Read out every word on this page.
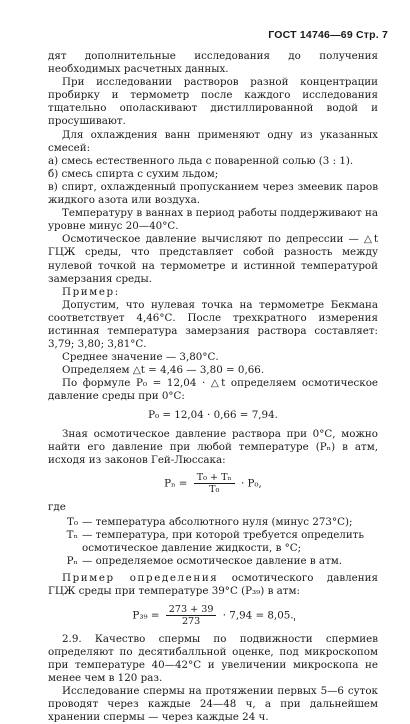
ГОСТ 14746—69 Стр. 7

дят дополнительные исследования до получения необходимых расчетных данных.

При исследовании растворов разной концентрации пробирку и термометр после каждого исследования тщательно ополаскивают дистиллированной водой и просушивают.

Для охлаждения ванн применяют одну из указанных смесей:

а) смесь естественного льда с поваренной солью (3 : 1).

б) смесь спирта с сухим льдом;

в) спирт, охлажденный пропусканием через змеевик паров жидкого азота или воздуха.

Температуру в ваннах в период работы поддерживают на уровне минус 20—40°С.

Осмотическое давление вычисляют по депрессии — △t ГЦЖ среды, что представляет собой разность между нулевой точкой на термометре и истинной температурой замерзания среды.

Пример:

Допустим, что нулевая точка на термометре Бекмана соответствует 4,46°С. После трехкратного измерения истинная температура замерзания раствора составляет: 3,79; 3,80; 3,81°С.

Среднее значение — 3,80°С.

Определяем △t = 4,46 — 3,80 = 0,66.

По формуле P₀ = 12,04 · △t определяем осмотическое давление среды при 0°С:

P₀ = 12,04 · 0,66 = 7,94.

Зная осмотическое давление раствора при 0°С, можно найти его давление при любой температуре (Pₙ) в атм, исходя из законов Гей-Люссака:

$P_n = \frac{\text{T₀ + Tₙ}}{\text{T₀}} \cdot P_0$,

где

T₀ — температура абсолютного нуля (минус 273°С);
Tₙ — температура, при которой требуется определить осмотическое давление жидкости, в °С;
Pₙ — определяемое осмотическое давление в атм.

Пример определения осмотического давления ГЦЖ среды при температуре 39°С (P₃₉) в атм:

$P_{39} = \frac{273 + 39}{273} \cdot 7,94 = 8,05$.

2.9. Качество спермы по подвижности спермиев определяют по десятибалльной оценке, под микроскопом при температуре 40—42°С и увеличении микроскопа не менее чем в 120 раз.

Исследование спермы на протяжении первых 5—6 суток проводят через каждые 24—48 ч, а при дальнейшем хранении спермы — через каждые 24 ч.
